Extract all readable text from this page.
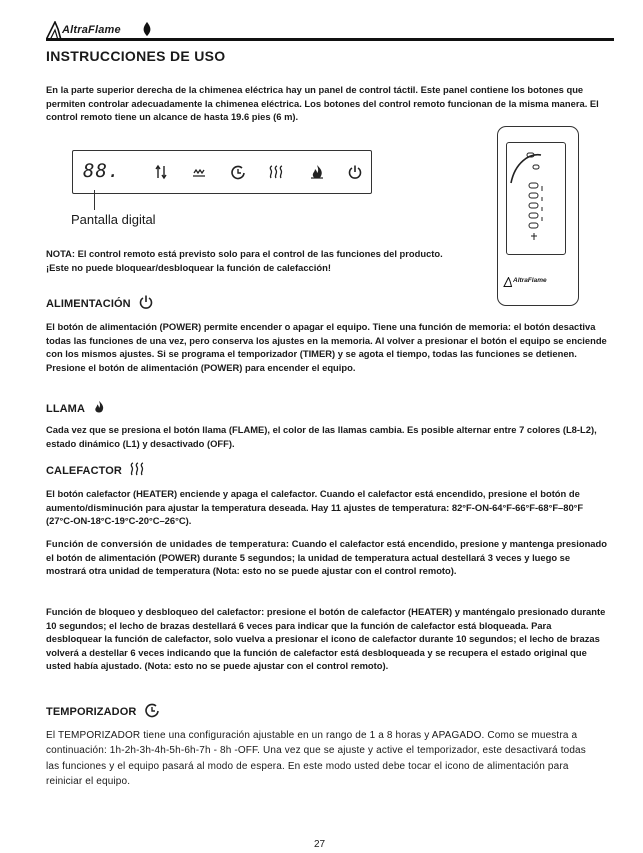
AltraFlame
INSTRUCCIONES DE USO
En la parte superior derecha de la chimenea eléctrica hay un panel de control táctil. Este panel contiene los botones que permiten controlar adecuadamente la chimenea eléctrica. Los botones del control remoto funcionan de la misma manera. El control remoto tiene un alcance de hasta 19.6 pies (6 m).
88.
Pantalla digital
AltraFlame
NOTA: El control remoto está previsto solo para el control de las funciones del producto.
¡Este no puede bloquear/desbloquear la función de calefacción!
ALIMENTACIÓN
El botón de alimentación (POWER) permite encender o apagar el equipo. Tiene una función de memoria: el botón desactiva todas las funciones de una vez, pero conserva los ajustes en la memoria. Al volver a presionar el botón el equipo se enciende con los mismos ajustes. Si se programa el temporizador (TIMER) y se agota el tiempo, todas las funciones se detienen. Presione el botón de alimentación (POWER) para encender el equipo.
LLAMA
Cada vez que se presiona el botón llama (FLAME), el color de las llamas cambia. Es posible alternar entre 7 colores (L8-L2), estado dinámico (L1) y desactivado (OFF).
CALEFACTOR
El botón calefactor (HEATER) enciende y apaga el calefactor. Cuando el calefactor está encendido, presione el botón de aumento/disminución para ajustar la temperatura deseada. Hay 11 ajustes de temperatura: 82°F-ON-64°F-66°F-68°F–80°F (27°C-ON-18°C-19°C-20°C–26°C).
Función de conversión de unidades de temperatura: Cuando el calefactor está encendido, presione y mantenga presionado el botón de alimentación (POWER) durante 5 segundos; la unidad de temperatura actual destellará 3 veces y luego se mostrará otra unidad de temperatura (Nota: esto no se puede ajustar con el control remoto).
Función de bloqueo y desbloqueo del calefactor: presione el botón de calefactor (HEATER) y manténgalo presionado durante 10 segundos; el lecho de brazas destellará 6 veces para indicar que la función de calefactor está bloqueada. Para desbloquear la función de calefactor, solo vuelva a presionar el icono de calefactor durante 10 segundos; el lecho de brazas volverá a destellar 6 veces indicando que la función de calefactor está desbloqueada y se recupera el estado original que usted había ajustado. (Nota: esto no se puede ajustar con el control remoto).
TEMPORIZADOR
El TEMPORIZADOR tiene una configuración ajustable en un rango de 1 a 8 horas y APAGADO. Como se muestra a continuación: 1h-2h-3h-4h-5h-6h-7h - 8h -OFF. Una vez que se ajuste y active el temporizador, este desactivará todas las funciones y el equipo pasará al modo de espera. En este modo usted debe tocar el icono de alimentación para reiniciar el equipo.
27
